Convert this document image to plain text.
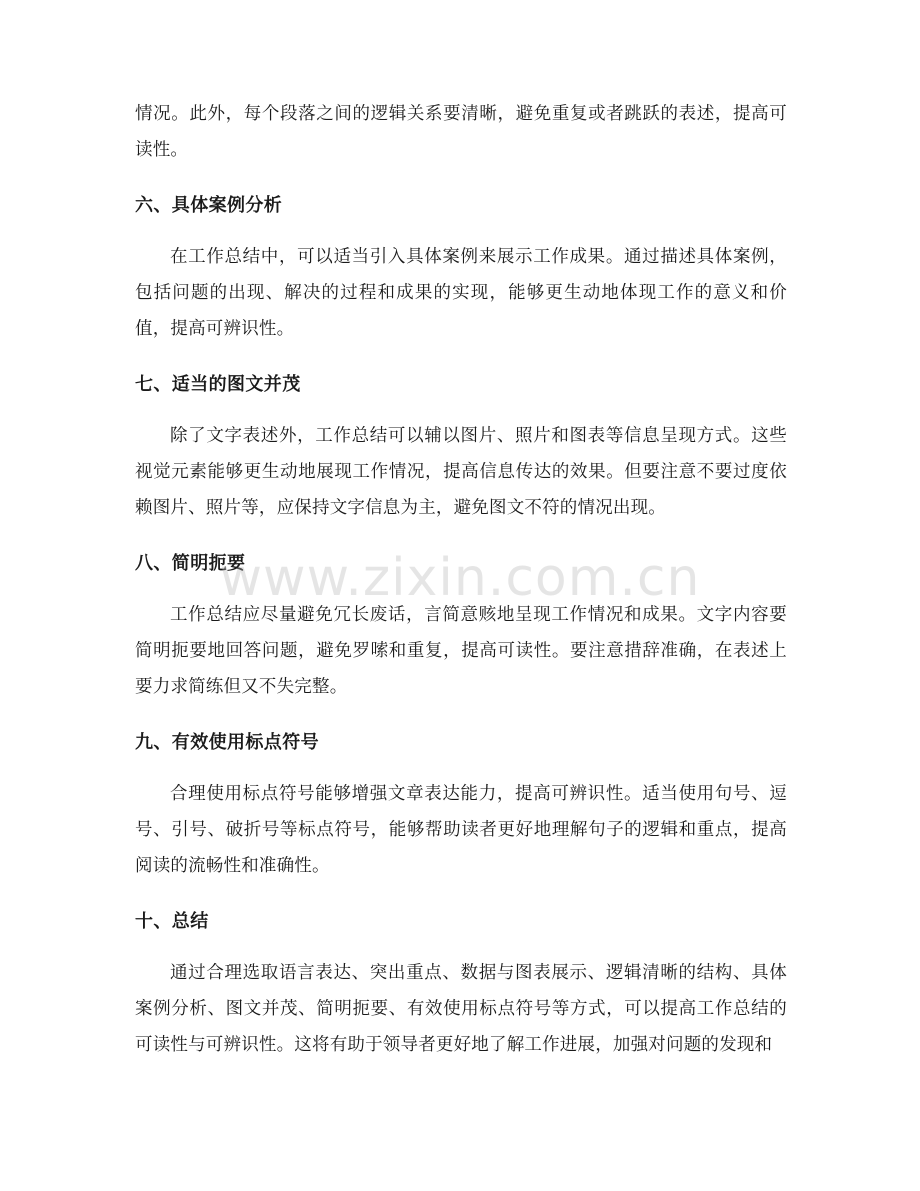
情况。此外，每个段落之间的逻辑关系要清晰，避免重复或者跳跃的表述，提高可读性。

六、具体案例分析

在工作总结中，可以适当引入具体案例来展示工作成果。通过描述具体案例，包括问题的出现、解决的过程和成果的实现，能够更生动地体现工作的意义和价值，提高可辨识性。

七、适当的图文并茂

除了文字表述外，工作总结可以辅以图片、照片和图表等信息呈现方式。这些视觉元素能够更生动地展现工作情况，提高信息传达的效果。但要注意不要过度依赖图片、照片等，应保持文字信息为主，避免图文不符的情况出现。

八、简明扼要

工作总结应尽量避免冗长废话，言简意赅地呈现工作情况和成果。文字内容要简明扼要地回答问题，避免罗嗦和重复，提高可读性。要注意措辞准确，在表述上要力求简练但又不失完整。

九、有效使用标点符号

合理使用标点符号能够增强文章表达能力，提高可辨识性。适当使用句号、逗号、引号、破折号等标点符号，能够帮助读者更好地理解句子的逻辑和重点，提高阅读的流畅性和准确性。

十、总结

通过合理选取语言表达、突出重点、数据与图表展示、逻辑清晰的结构、具体案例分析、图文并茂、简明扼要、有效使用标点符号等方式，可以提高工作总结的可读性与可辨识性。这将有助于领导者更好地了解工作进展，加强对问题的发现和

www.zixin.com.cn
